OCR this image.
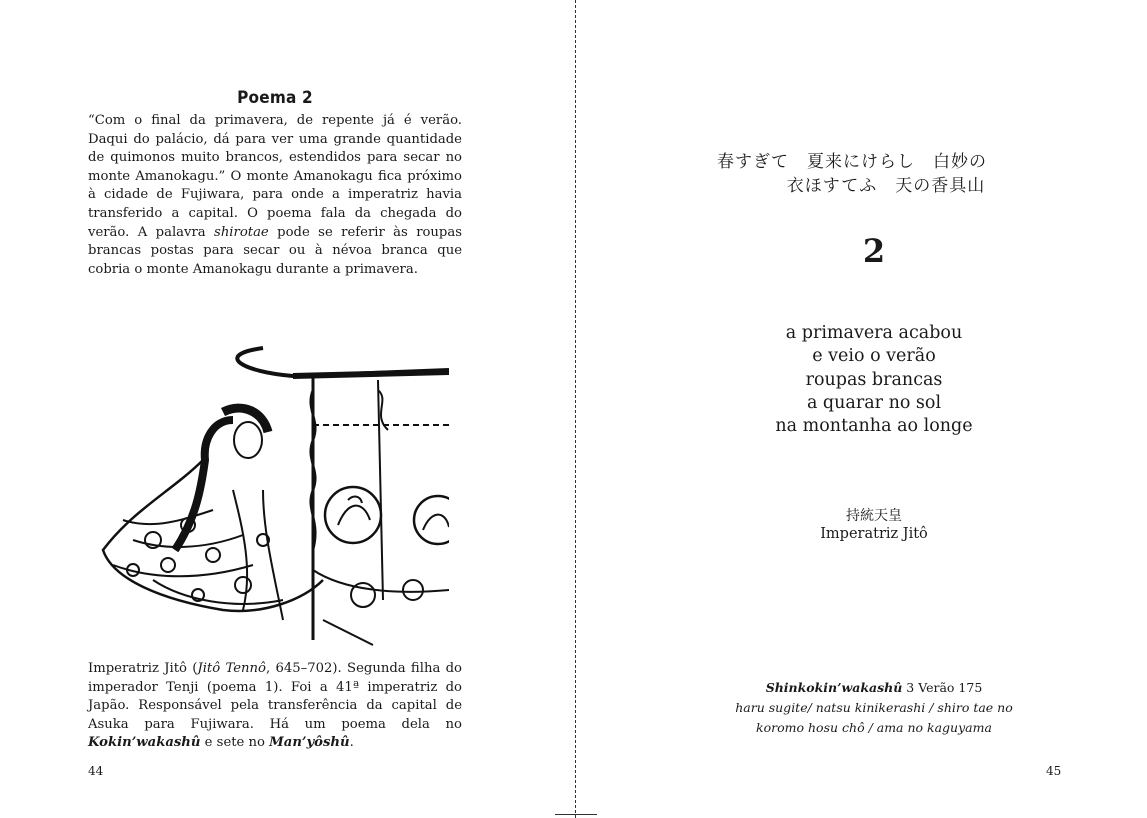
Poema 2
“Com o final da primavera, de repente já é verão. Daqui do palácio, dá para ver uma grande quantidade de quimonos muito brancos, estendidos para secar no monte Amanokagu.” O monte Amanokagu fica próximo à cidade de Fujiwara, para onde a imperatriz havia transferido a capital. O poema fala da chegada do verão. A palavra shirotae pode se referir às roupas brancas postas para secar ou à névoa branca que cobria o monte Amanokagu durante a primavera.
Imperatriz Jitô (Jitô Tennô, 645–702). Segunda filha do imperador Tenji (poema 1). Foi a 41ª imperatriz do Japão. Responsável pela transferência da capital de Asuka para Fujiwara. Há um poema dela no Kokin’wakashû e sete no Man’yôshû.
44
春すぎて　夏来にけらし　白妙の
衣ほすてふ　天の香具山
2
a primavera acabou
e veio o verão
roupas brancas
a quarar no sol
na montanha ao longe
持統天皇
Imperatriz Jitô
Shinkokin’wakashû 3 Verão 175
haru sugite/ natsu kinikerashi / shiro tae no
koromo hosu chô / ama no kaguyama
45
